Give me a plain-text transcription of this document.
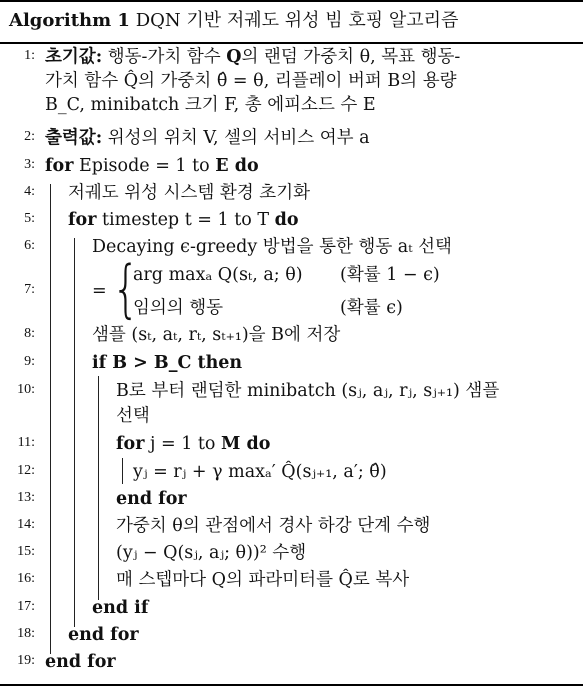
Algorithm 1 DQN 기반 저궤도 위성 빔 호핑 알고리즘
1: 초기값: 행동-가치 함수 Q의 랜덤 가중치 θ, 목표 행동-
가치 함수 Q̂의 가중치 θ̂ = θ, 리플레이 버퍼 B의 용량
B_C, minibatch 크기 F, 총 에피소드 수 E
2: 출력값: 위성의 위치 V, 셀의 서비스 여부 a
3: for Episode = 1 to E do
4: 저궤도 위성 시스템 환경 초기화
5: for timestep t = 1 to T do
6:	Decaying ϵ-greedy 방법을 통한 행동 aₜ 선택
7:	= {
arg maxₐ Q(sₜ, a; θ) (확률 1 − ϵ)
임의의 행동	(확률 ϵ)
8:	샘플 (sₜ, aₜ, rₜ, sₜ₊₁)을 B에 저장
9:	if B > B_C then
10:	B로 부터 랜덤한 minibatch (sⱼ, aⱼ, rⱼ, sⱼ₊₁) 샘플
선택
11:	for j = 1 to M do
12:	yⱼ = rⱼ + γ maxₐ′ Q̂(sⱼ₊₁, a′; θ̂)
13:	end for
14:	가중치 θ의 관점에서 경사 하강 단계 수행
15:	(yⱼ − Q(sⱼ, aⱼ; θ))² 수행
16:	매 스텝마다 Q의 파라미터를 Q̂로 복사
17:	end if
18: end for
19: end for
